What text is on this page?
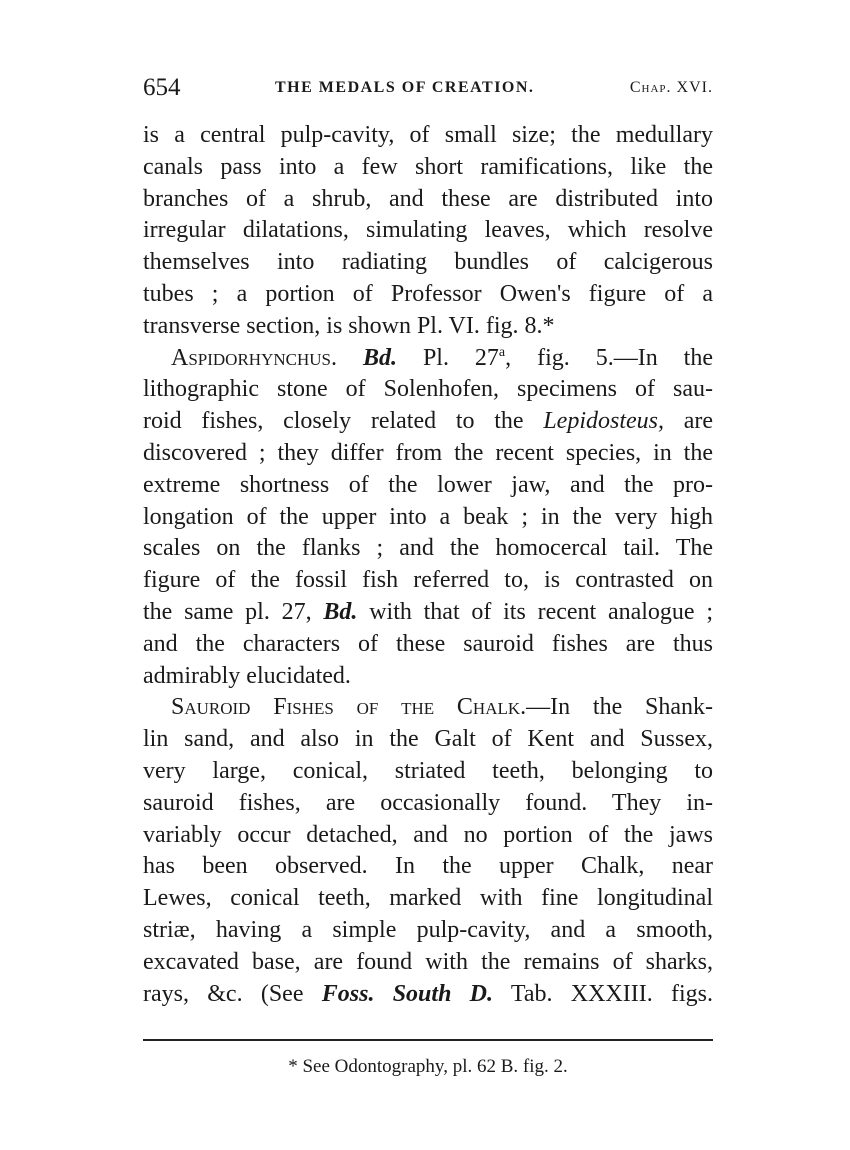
654	THE MEDALS OF CREATION.	Chap. XVI.
is a central pulp-cavity, of small size; the medullary
canals pass into a few short ramifications, like the
branches of a shrub, and these are distributed into
irregular dilatations, simulating leaves, which resolve
themselves into radiating bundles of calcigerous
tubes ; a portion of Professor Owen's figure of a
transverse section, is shown Pl. VI. fig. 8.*
Aspidorhynchus. Bd. Pl. 27$^a$, fig. 5.—In the
lithographic stone of Solenhofen, specimens of sau-
roid fishes, closely related to the Lepidosteus, are
discovered ; they differ from the recent species, in the
extreme shortness of the lower jaw, and the pro-
longation of the upper into a beak ; in the very high
scales on the flanks ; and the homocercal tail. The
figure of the fossil fish referred to, is contrasted on
the same pl. 27, Bd. with that of its recent analogue ;
and the characters of these sauroid fishes are thus
admirably elucidated.
Sauroid Fishes of the Chalk.—In the Shank-
lin sand, and also in the Galt of Kent and Sussex,
very large, conical, striated teeth, belonging to
sauroid fishes, are occasionally found. They in-
variably occur detached, and no portion of the jaws
has been observed. In the upper Chalk, near
Lewes, conical teeth, marked with fine longitudinal
striæ, having a simple pulp-cavity, and a smooth,
excavated base, are found with the remains of sharks,
rays, &c. (See Foss. South D. Tab. XXXIII. figs.
* See Odontography, pl. 62 B. fig. 2.
